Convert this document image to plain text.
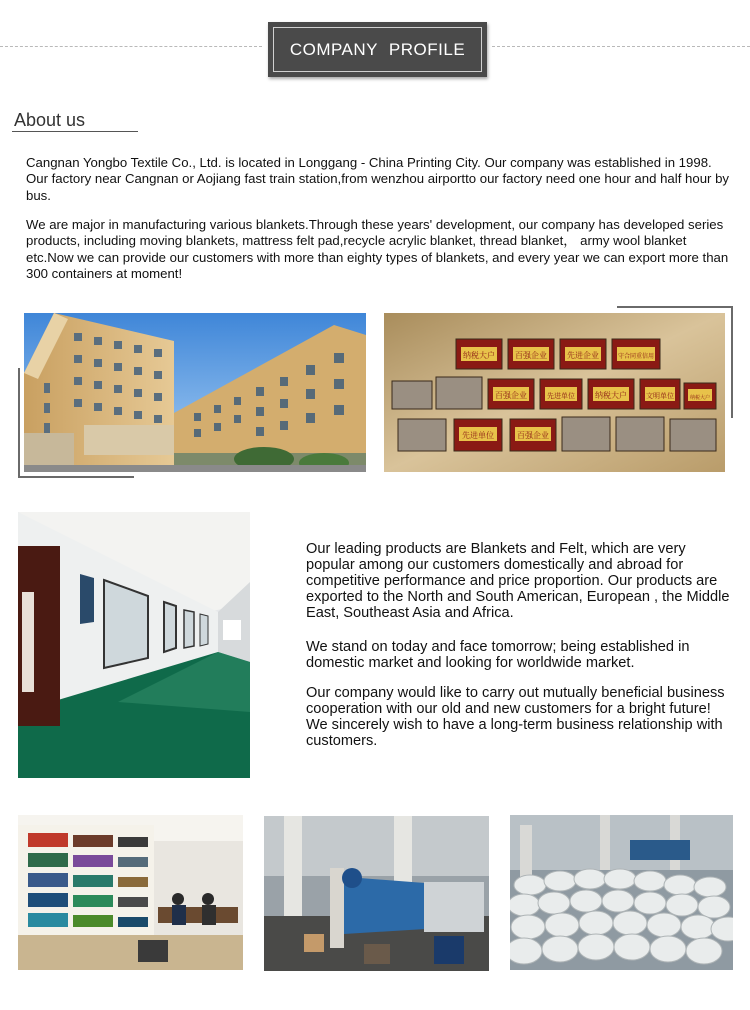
COMPANY PROFILE
About us

Cangnan Yongbo Textile Co., Ltd. is located in Longgang - China Printing City. Our company was established in 1998. Our factory near Cangnan or Aojiang fast train station,from wenzhou airportto our factory need one hour and half hour by bus.

We are major in manufacturing various blankets.Through these years' development, our company has developed series products, including moving blankets, mattress felt pad,recycle acrylic blanket, thread blanket， army wool blanket etc.Now we can provide our customers with more than eighty types of blankets, and every year we can export more than 300 containers at moment!

纳税大户	百强企业	先进企业	守合同重信用
纳税大户
百强企业
先进单位
先进单位
百强企业	文明单位	纳税大户

Our leading products are Blankets and Felt, which are very popular among our customers domestically and abroad for competitive performance and price proportion. Our products are exported to the North and South American, European , the Middle East, Southeast Asia and Africa.

We stand on today and face tomorrow; being established in domestic market and looking for worldwide market.

Our company would like to carry out mutually beneficial business cooperation with our old and new customers for a bright future! We sincerely wish to have a long-term business relationship with customers.
